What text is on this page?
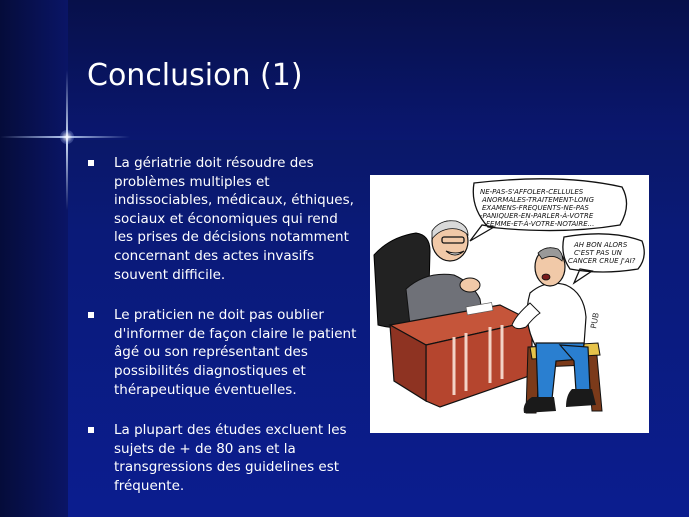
Conclusion (1)
La gériatrie doit résoudre des problèmes multiples et indissociables, médicaux, éthiques, sociaux et économiques qui rend les prises de décisions notamment concernant des actes invasifs souvent difficile.
Le praticien ne doit pas oublier d'informer de façon claire le patient âgé ou son représentant des possibilités diagnostiques et thérapeutique éventuelles.
La plupart des études excluent les sujets de + de 80 ans et la transgressions des guidelines est fréquente.
NE-PAS-S'AFFOLER-CELLULES
ANORMALES-TRAITEMENT-LONG
EXAMENS-FREQUENTS-NE-PAS
-PANIQUER-EN-PARLER-À-VOTRE
FEMME-ET-À-VOTRE-NOTAIRE...
AH BON ALORS
C'EST PAS UN
CANCER CRUE J'AI?
PUB
